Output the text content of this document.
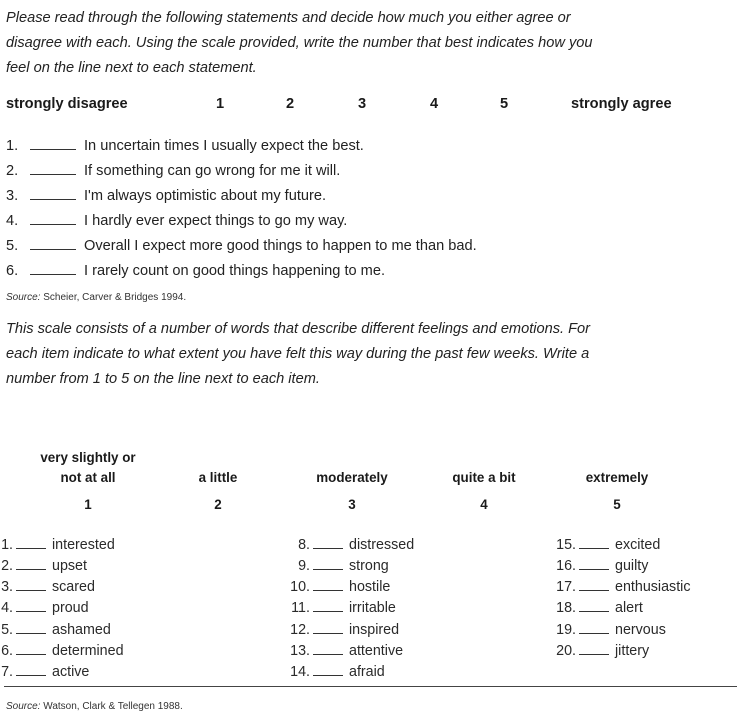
Please read through the following statements and decide how much you either agree or
disagree with each. Using the scale provided, write the number that best indicates how you
feel on the line next to each statement.
strongly disagree	1	2	3	4	5	strongly agree
1.	In uncertain times I usually expect the best.
2.	If something can go wrong for me it will.
3.	I'm always optimistic about my future.
4.	I hardly ever expect things to go my way.
5.	Overall I expect more good things to happen to me than bad.
6.	I rarely count on good things happening to me.
Source: Scheier, Carver & Bridges 1994.
This scale consists of a number of words that describe different feelings and emotions. For
each item indicate to what extent you have felt this way during the past few weeks. Write a
number from 1 to 5 on the line next to each item.
very slightly or
not at all	a little	moderately	quite a bit	extremely
1	2	3	4	5
1.	interested
2.	upset
3.	scared
4.	proud
5.	ashamed
6.	determined
7.	active
8.	distressed
9.	strong
10.	hostile
11.	irritable
12.	inspired
13.	attentive
14.	afraid
15.	excited
16.	guilty
17.	enthusiastic
18.	alert
19.	nervous
20.	jittery
Source: Watson, Clark & Tellegen 1988.
